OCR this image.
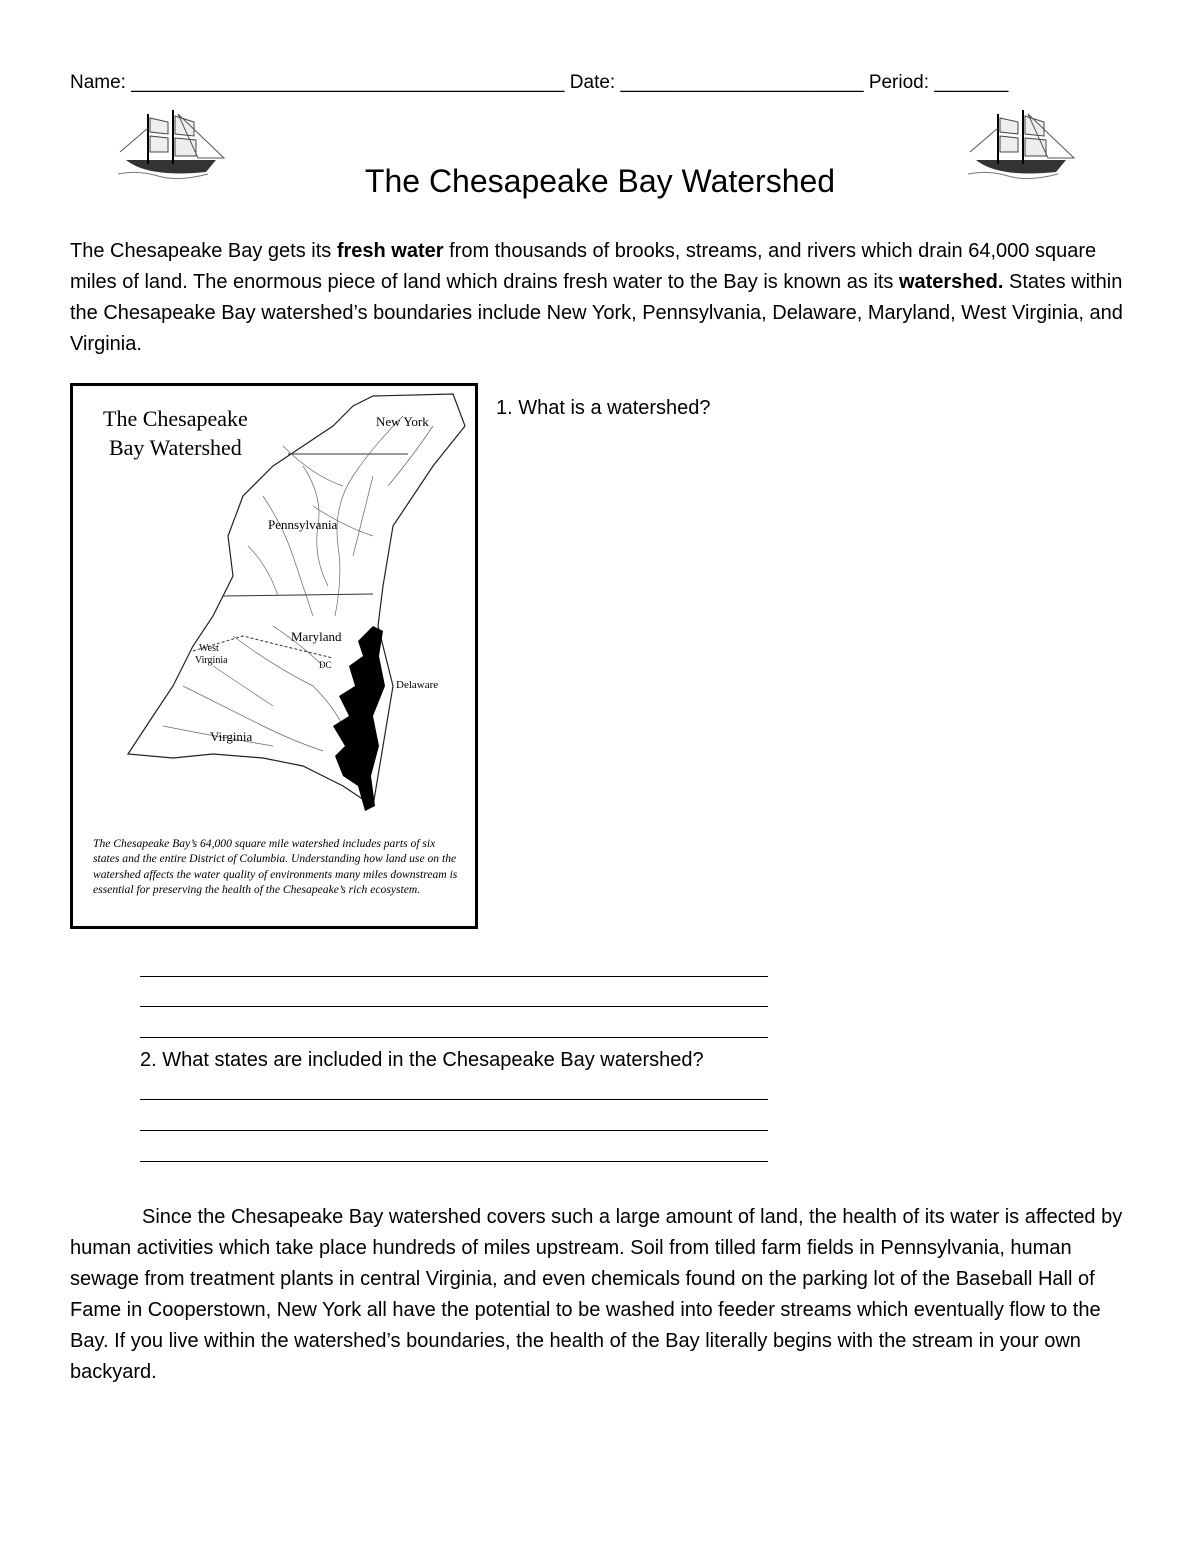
Name: _________________________________________ Date: _______________________ Period: _______
The Chesapeake Bay Watershed
The Chesapeake Bay gets its fresh water from thousands of brooks, streams, and rivers which drain 64,000 square miles of land. The enormous piece of land which drains fresh water to the Bay is known as its watershed. States within the Chesapeake Bay watershed’s boundaries include New York, Pennsylvania, Delaware, Maryland, West Virginia, and Virginia.
The Chesapeake
Bay Watershed
New York
Pennsylvania
Maryland
West
Virginia
Delaware
Virginia
DC
The Chesapeake Bay’s 64,000 square mile watershed includes parts of six states and the entire District of Columbia. Understanding how land use on the watershed affects the water quality of environments many miles downstream is essential for preserving the health of the Chesapeake’s rich ecosystem.
1. What is a watershed?
2. What states are included in the Chesapeake Bay watershed?
Since the Chesapeake Bay watershed covers such a large amount of land, the health of its water is affected by human activities which take place hundreds of miles upstream. Soil from tilled farm fields in Pennsylvania, human sewage from treatment plants in central Virginia, and even chemicals found on the parking lot of the Baseball Hall of Fame in Cooperstown, New York all have the potential to be washed into feeder streams which eventually flow to the Bay. If you live within the watershed’s boundaries, the health of the Bay literally begins with the stream in your own backyard.
